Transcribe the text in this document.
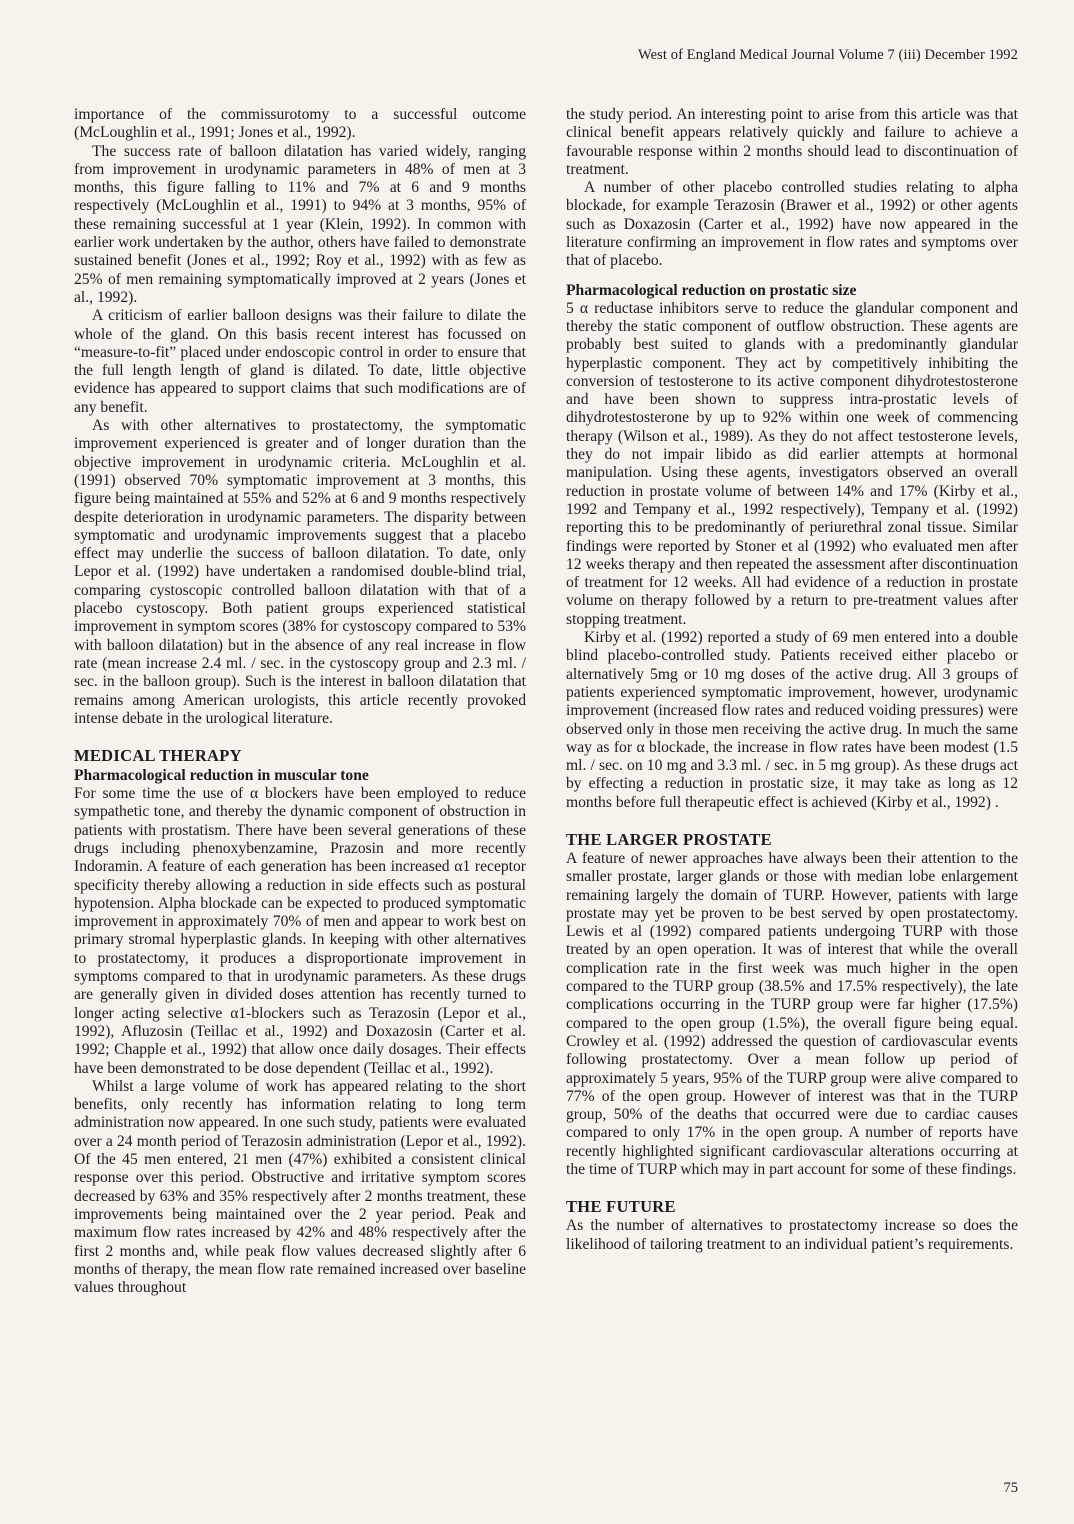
West of England Medical Journal Volume 7 (iii) December 1992

importance of the commissurotomy to a successful outcome (McLoughlin et al., 1991; Jones et al., 1992).

The success rate of balloon dilatation has varied widely, ranging from improvement in urodynamic parameters in 48% of men at 3 months, this figure falling to 11% and 7% at 6 and 9 months respectively (McLoughlin et al., 1991) to 94% at 3 months, 95% of these remaining successful at 1 year (Klein, 1992). In common with earlier work undertaken by the author, others have failed to demonstrate sustained benefit (Jones et al., 1992; Roy et al., 1992) with as few as 25% of men remaining symptomatically improved at 2 years (Jones et al., 1992).

A criticism of earlier balloon designs was their failure to dilate the whole of the gland. On this basis recent interest has focussed on “measure-to-fit” placed under endoscopic control in order to ensure that the full length length of gland is dilated. To date, little objective evidence has appeared to support claims that such modifications are of any benefit.

As with other alternatives to prostatectomy, the symptomatic improvement experienced is greater and of longer duration than the objective improvement in urodynamic criteria. McLoughlin et al. (1991) observed 70% symptomatic improvement at 3 months, this figure being maintained at 55% and 52% at 6 and 9 months respectively despite deterioration in urodynamic parameters. The disparity between symptomatic and urodynamic improvements suggest that a placebo effect may underlie the success of balloon dilatation. To date, only Lepor et al. (1992) have undertaken a randomised double-blind trial, comparing cystoscopic controlled balloon dilatation with that of a placebo cystoscopy. Both patient groups experienced statistical improvement in symptom scores (38% for cystoscopy compared to 53% with balloon dilatation) but in the absence of any real increase in flow rate (mean increase 2.4 ml. / sec. in the cystoscopy group and 2.3 ml. / sec. in the balloon group). Such is the interest in balloon dilatation that remains among American urologists, this article recently provoked intense debate in the urological literature.

MEDICAL THERAPY
Pharmacological reduction in muscular tone

For some time the use of α blockers have been employed to reduce sympathetic tone, and thereby the dynamic component of obstruction in patients with prostatism. There have been several generations of these drugs including phenoxybenzamine, Prazosin and more recently Indoramin. A feature of each generation has been increased α1 receptor specificity thereby allowing a reduction in side effects such as postural hypotension. Alpha blockade can be expected to produced symptomatic improvement in approximately 70% of men and appear to work best on primary stromal hyperplastic glands. In keeping with other alternatives to prostatectomy, it produces a disproportionate improvement in symptoms compared to that in urodynamic parameters. As these drugs are generally given in divided doses attention has recently turned to longer acting selective α1-blockers such as Terazosin (Lepor et al., 1992), Afluzosin (Teillac et al., 1992) and Doxazosin (Carter et al. 1992; Chapple et al., 1992) that allow once daily dosages. Their effects have been demonstrated to be dose dependent (Teillac et al., 1992).

Whilst a large volume of work has appeared relating to the short benefits, only recently has information relating to long term administration now appeared. In one such study, patients were evaluated over a 24 month period of Terazosin administration (Lepor et al., 1992). Of the 45 men entered, 21 men (47%) exhibited a consistent clinical response over this period. Obstructive and irritative symptom scores decreased by 63% and 35% respectively after 2 months treatment, these improvements being maintained over the 2 year period. Peak and maximum flow rates increased by 42% and 48% respectively after the first 2 months and, while peak flow values decreased slightly after 6 months of therapy, the mean flow rate remained increased over baseline values throughout

the study period. An interesting point to arise from this article was that clinical benefit appears relatively quickly and failure to achieve a favourable response within 2 months should lead to discontinuation of treatment.

A number of other placebo controlled studies relating to alpha blockade, for example Terazosin (Brawer et al., 1992) or other agents such as Doxazosin (Carter et al., 1992) have now appeared in the literature confirming an improvement in flow rates and symptoms over that of placebo.

Pharmacological reduction on prostatic size

5 α reductase inhibitors serve to reduce the glandular component and thereby the static component of outflow obstruction. These agents are probably best suited to glands with a predominantly glandular hyperplastic component. They act by competitively inhibiting the conversion of testosterone to its active component dihydrotestosterone and have been shown to suppress intra-prostatic levels of dihydrotestosterone by up to 92% within one week of commencing therapy (Wilson et al., 1989). As they do not affect testosterone levels, they do not impair libido as did earlier attempts at hormonal manipulation. Using these agents, investigators observed an overall reduction in prostate volume of between 14% and 17% (Kirby et al., 1992 and Tempany et al., 1992 respectively), Tempany et al. (1992) reporting this to be predominantly of periurethral zonal tissue. Similar findings were reported by Stoner et al (1992) who evaluated men after 12 weeks therapy and then repeated the assessment after discontinuation of treatment for 12 weeks. All had evidence of a reduction in prostate volume on therapy followed by a return to pre-treatment values after stopping treatment.

Kirby et al. (1992) reported a study of 69 men entered into a double blind placebo-controlled study. Patients received either placebo or alternatively 5mg or 10 mg doses of the active drug. All 3 groups of patients experienced symptomatic improvement, however, urodynamic improvement (increased flow rates and reduced voiding pressures) were observed only in those men receiving the active drug. In much the same way as for α blockade, the increase in flow rates have been modest (1.5 ml. / sec. on 10 mg and 3.3 ml. / sec. in 5 mg group). As these drugs act by effecting a reduction in prostatic size, it may take as long as 12 months before full therapeutic effect is achieved (Kirby et al., 1992) .

THE LARGER PROSTATE

A feature of newer approaches have always been their attention to the smaller prostate, larger glands or those with median lobe enlargement remaining largely the domain of TURP. However, patients with large prostate may yet be proven to be best served by open prostatectomy. Lewis et al (1992) compared patients undergoing TURP with those treated by an open operation. It was of interest that while the overall complication rate in the first week was much higher in the open compared to the TURP group (38.5% and 17.5% respectively), the late complications occurring in the TURP group were far higher (17.5%) compared to the open group (1.5%), the overall figure being equal. Crowley et al. (1992) addressed the question of cardiovascular events following prostatectomy. Over a mean follow up period of approximately 5 years, 95% of the TURP group were alive compared to 77% of the open group. However of interest was that in the TURP group, 50% of the deaths that occurred were due to cardiac causes compared to only 17% in the open group. A number of reports have recently highlighted significant cardiovascular alterations occurring at the time of TURP which may in part account for some of these findings.

THE FUTURE

As the number of alternatives to prostatectomy increase so does the likelihood of tailoring treatment to an individual patient’s requirements.

75
